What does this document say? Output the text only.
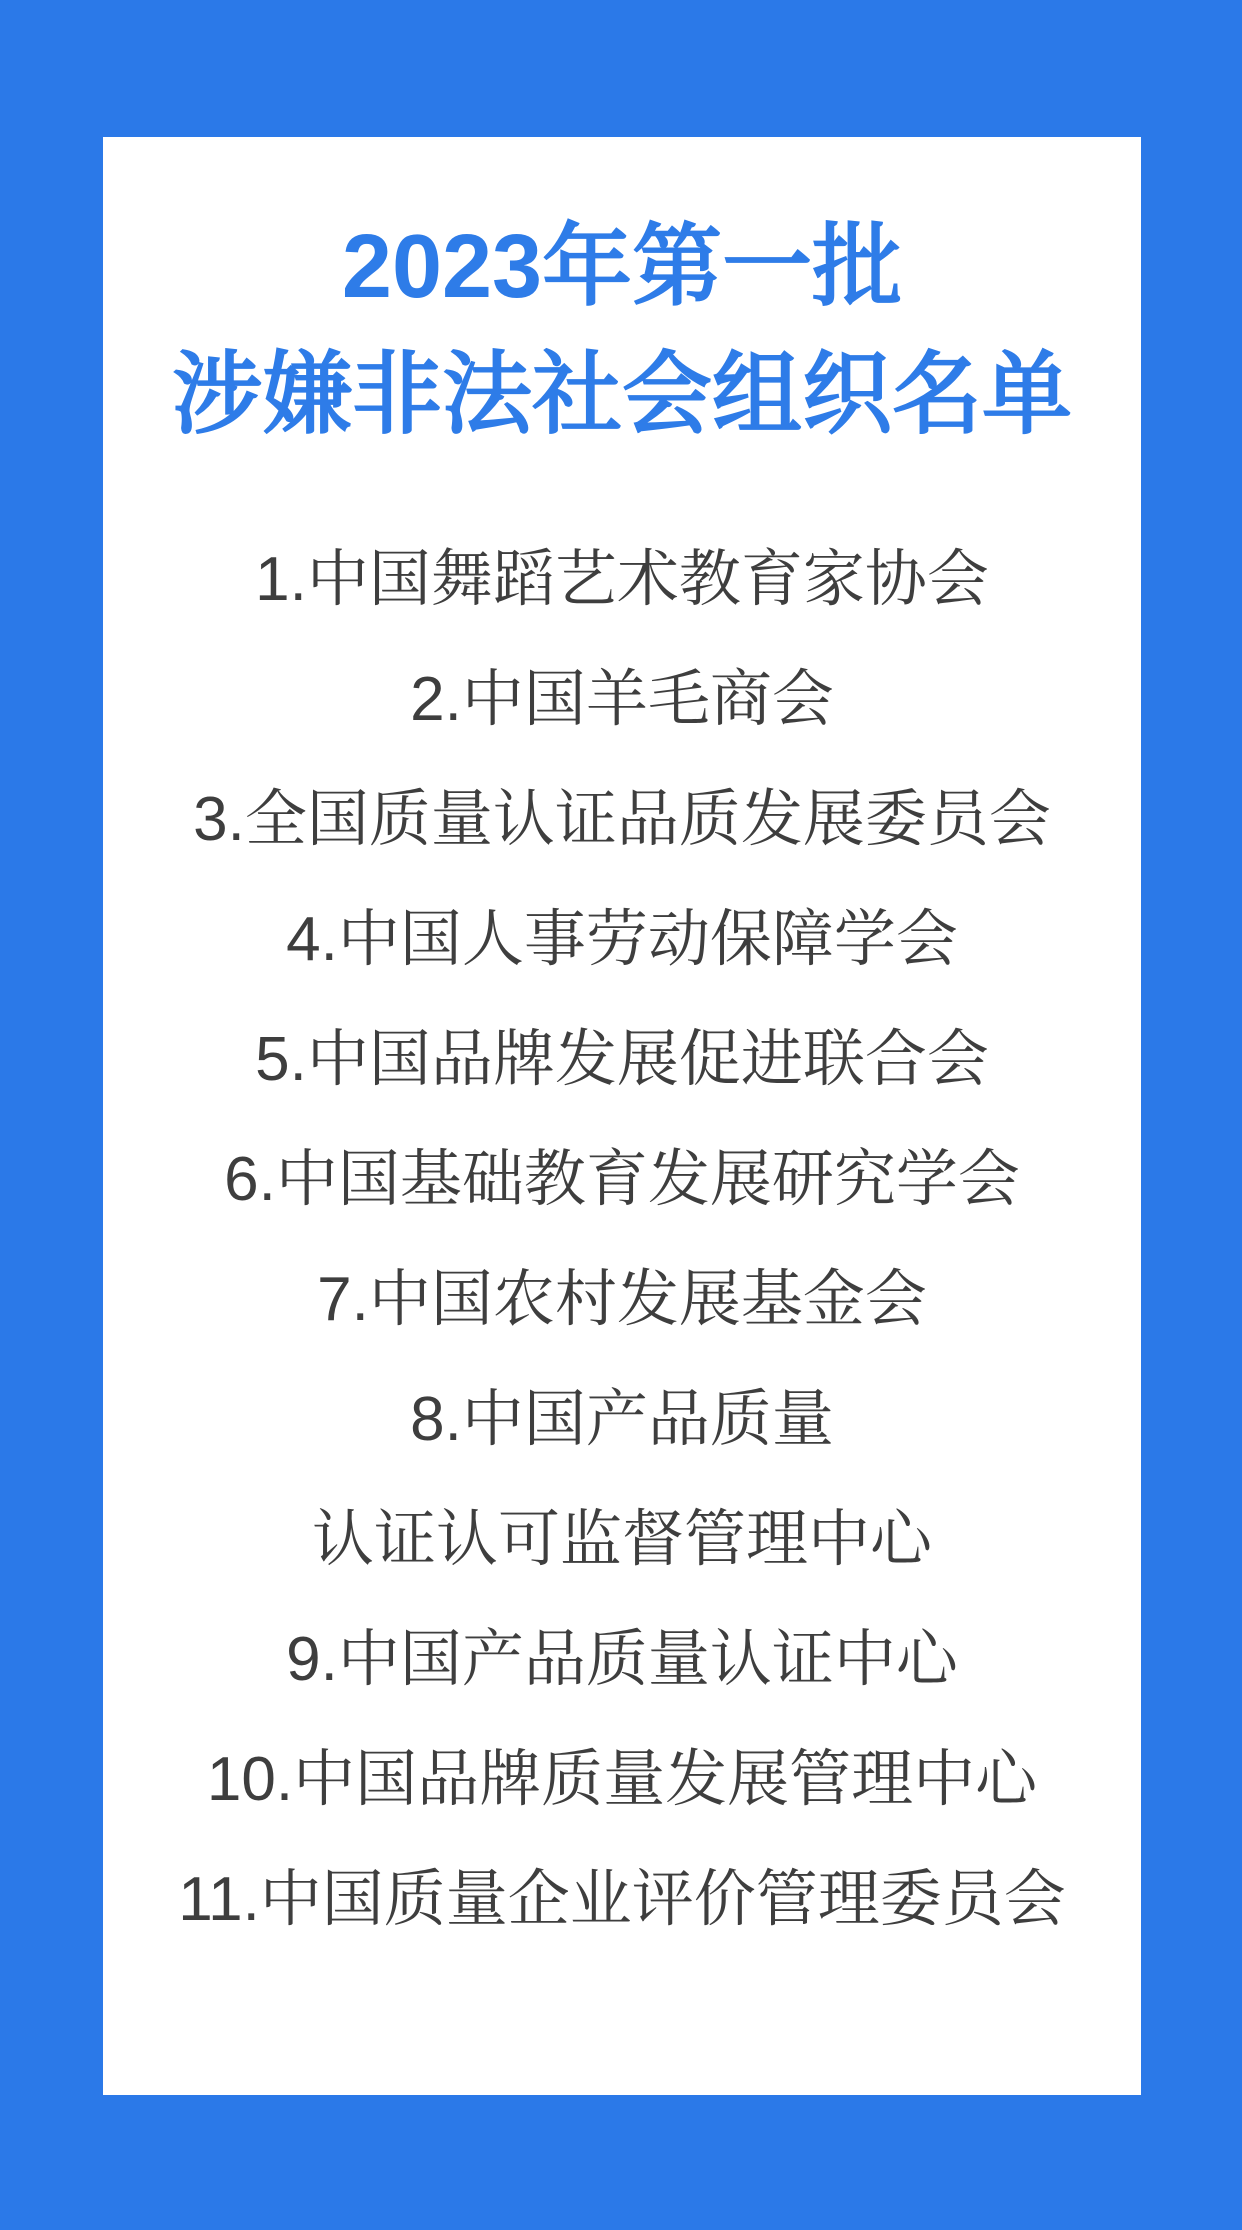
2023年第一批
涉嫌非法社会组织名单
1.中国舞蹈艺术教育家协会
2.中国羊毛商会
3.全国质量认证品质发展委员会
4.中国人事劳动保障学会
5.中国品牌发展促进联合会
6.中国基础教育发展研究学会
7.中国农村发展基金会
8.中国产品质量
认证认可监督管理中心
9.中国产品质量认证中心
10.中国品牌质量发展管理中心
11.中国质量企业评价管理委员会
